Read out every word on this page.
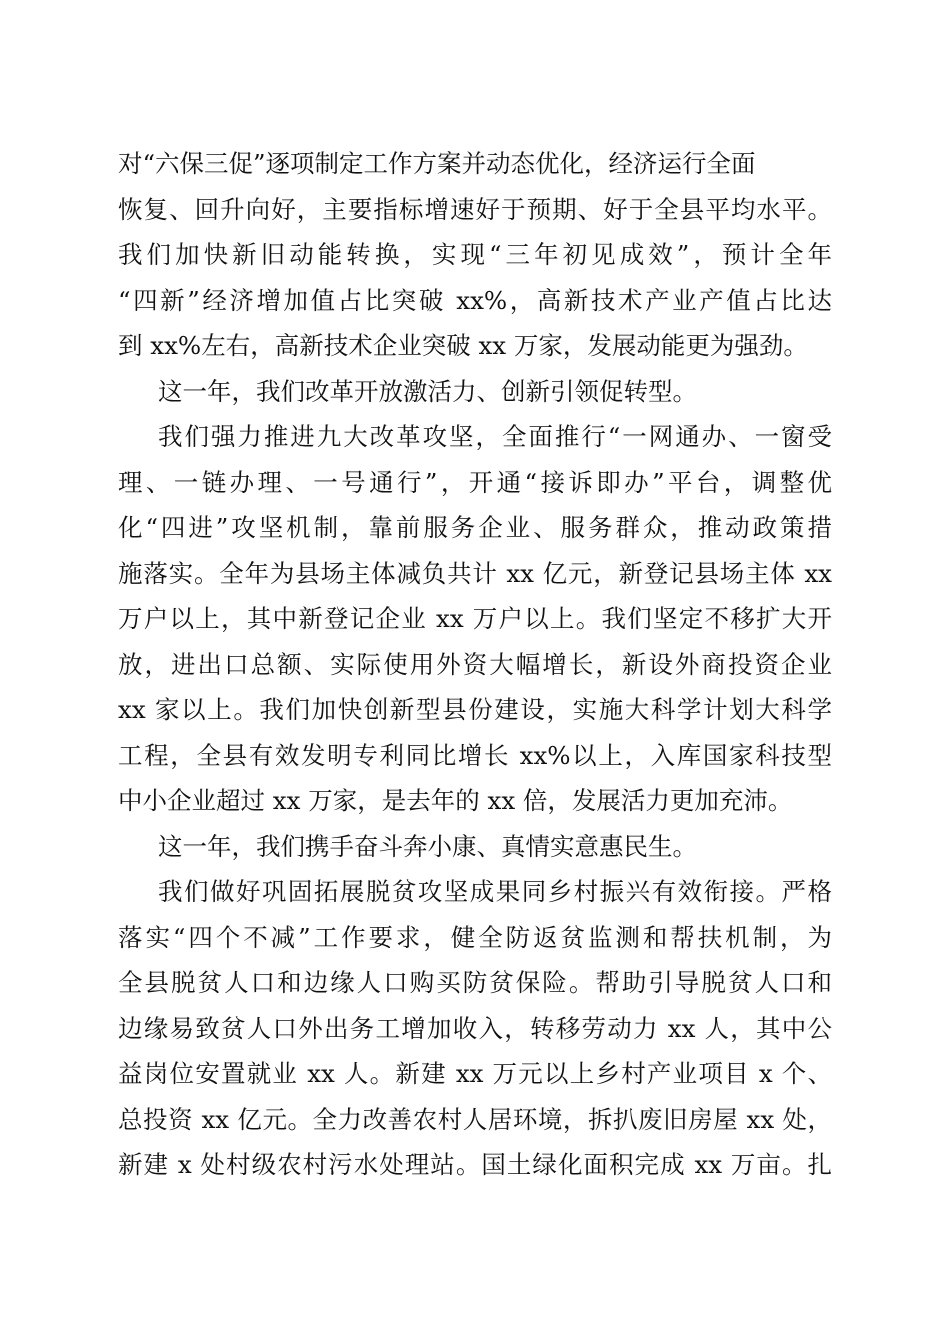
对“六保三促”逐项制定工作方案并动态优化，经济运行全面
恢复、回升向好，主要指标增速好于预期、好于全县平均水平。
我们加快新旧动能转换，实现“三年初见成效”，预计全年
“四新”经济增加值占比突破 xx%，高新技术产业产值占比达
到 xx%左右，高新技术企业突破 xx 万家，发展动能更为强劲。
这一年，我们改革开放激活力、创新引领促转型。
我们强力推进九大改革攻坚，全面推行“一网通办、一窗受
理、一链办理、一号通行”，开通“接诉即办”平台，调整优
化“四进”攻坚机制，靠前服务企业、服务群众，推动政策措
施落实。全年为县场主体减负共计 xx 亿元，新登记县场主体 xx
万户以上，其中新登记企业 xx 万户以上。我们坚定不移扩大开
放，进出口总额、实际使用外资大幅增长，新设外商投资企业
xx 家以上。我们加快创新型县份建设，实施大科学计划大科学
工程，全县有效发明专利同比增长 xx%以上，入库国家科技型
中小企业超过 xx 万家，是去年的 xx 倍，发展活力更加充沛。
这一年，我们携手奋斗奔小康、真情实意惠民生。
我们做好巩固拓展脱贫攻坚成果同乡村振兴有效衔接。严格
落实“四个不减”工作要求，健全防返贫监测和帮扶机制，为
全县脱贫人口和边缘人口购买防贫保险。帮助引导脱贫人口和
边缘易致贫人口外出务工增加收入，转移劳动力 xx 人，其中公
益岗位安置就业 xx 人。新建 xx 万元以上乡村产业项目 x 个、
总投资 xx 亿元。全力改善农村人居环境，拆扒废旧房屋 xx 处，
新建 x 处村级农村污水处理站。国土绿化面积完成 xx 万亩。扎
